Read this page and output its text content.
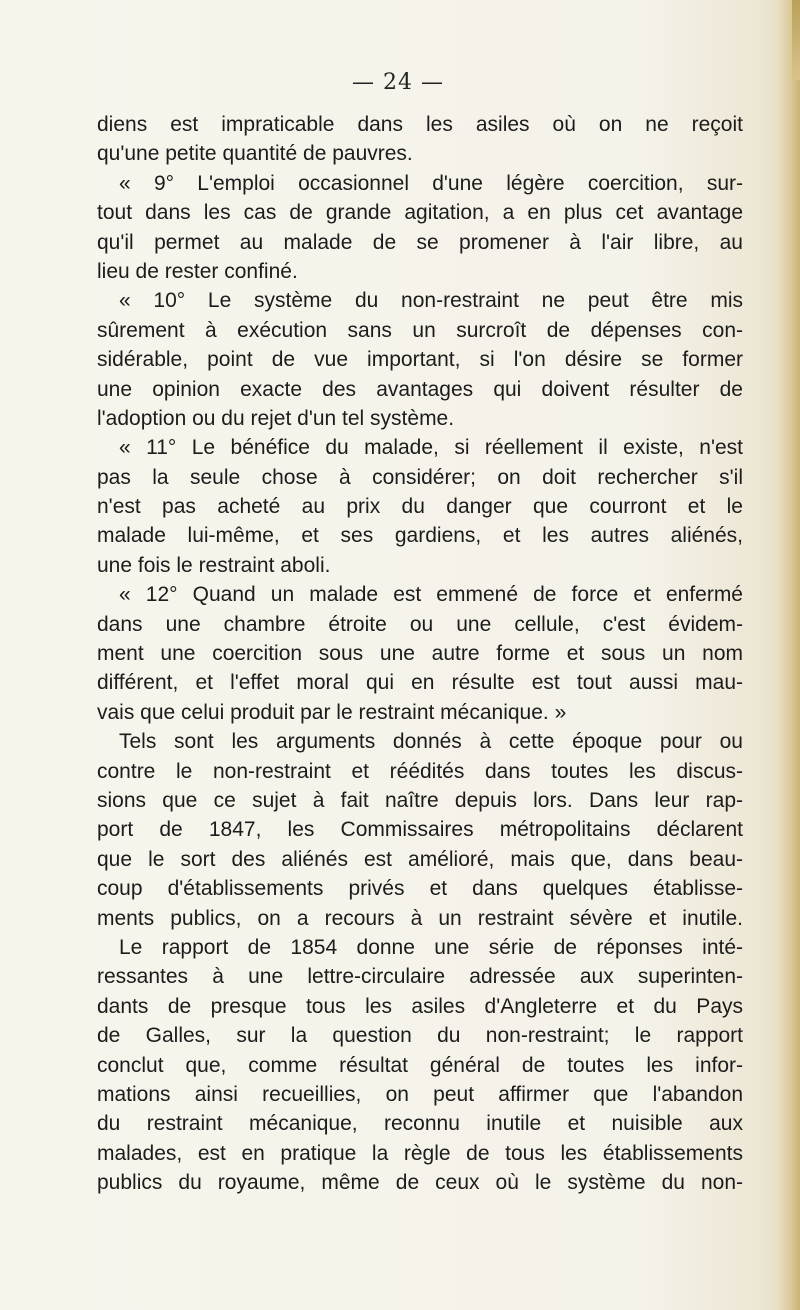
— 24 —
diens est impraticable dans les asiles où on ne reçoit
qu'une petite quantité de pauvres.
« 9° L'emploi occasionnel d'une légère coercition, sur-
tout dans les cas de grande agitation, a en plus cet avantage
qu'il permet au malade de se promener à l'air libre, au
lieu de rester confiné.
« 10° Le système du non-restraint ne peut être mis
sûrement à exécution sans un surcroît de dépenses con-
sidérable, point de vue important, si l'on désire se former
une opinion exacte des avantages qui doivent résulter de
l'adoption ou du rejet d'un tel système.
« 11° Le bénéfice du malade, si réellement il existe, n'est
pas la seule chose à considérer; on doit rechercher s'il
n'est pas acheté au prix du danger que courront et le
malade lui-même, et ses gardiens, et les autres aliénés,
une fois le restraint aboli.
« 12° Quand un malade est emmené de force et enfermé
dans une chambre étroite ou une cellule, c'est évidem-
ment une coercition sous une autre forme et sous un nom
différent, et l'effet moral qui en résulte est tout aussi mau-
vais que celui produit par le restraint mécanique. »
Tels sont les arguments donnés à cette époque pour ou
contre le non-restraint et réédités dans toutes les discus-
sions que ce sujet à fait naître depuis lors. Dans leur rap-
port de 1847, les Commissaires métropolitains déclarent
que le sort des aliénés est amélioré, mais que, dans beau-
coup d'établissements privés et dans quelques établisse-
ments publics, on a recours à un restraint sévère et inutile.
Le rapport de 1854 donne une série de réponses inté-
ressantes à une lettre-circulaire adressée aux superinten-
dants de presque tous les asiles d'Angleterre et du Pays
de Galles, sur la question du non-restraint; le rapport
conclut que, comme résultat général de toutes les infor-
mations ainsi recueillies, on peut affirmer que l'abandon
du restraint mécanique, reconnu inutile et nuisible aux
malades, est en pratique la règle de tous les établissements
publics du royaume, même de ceux où le système du non-
